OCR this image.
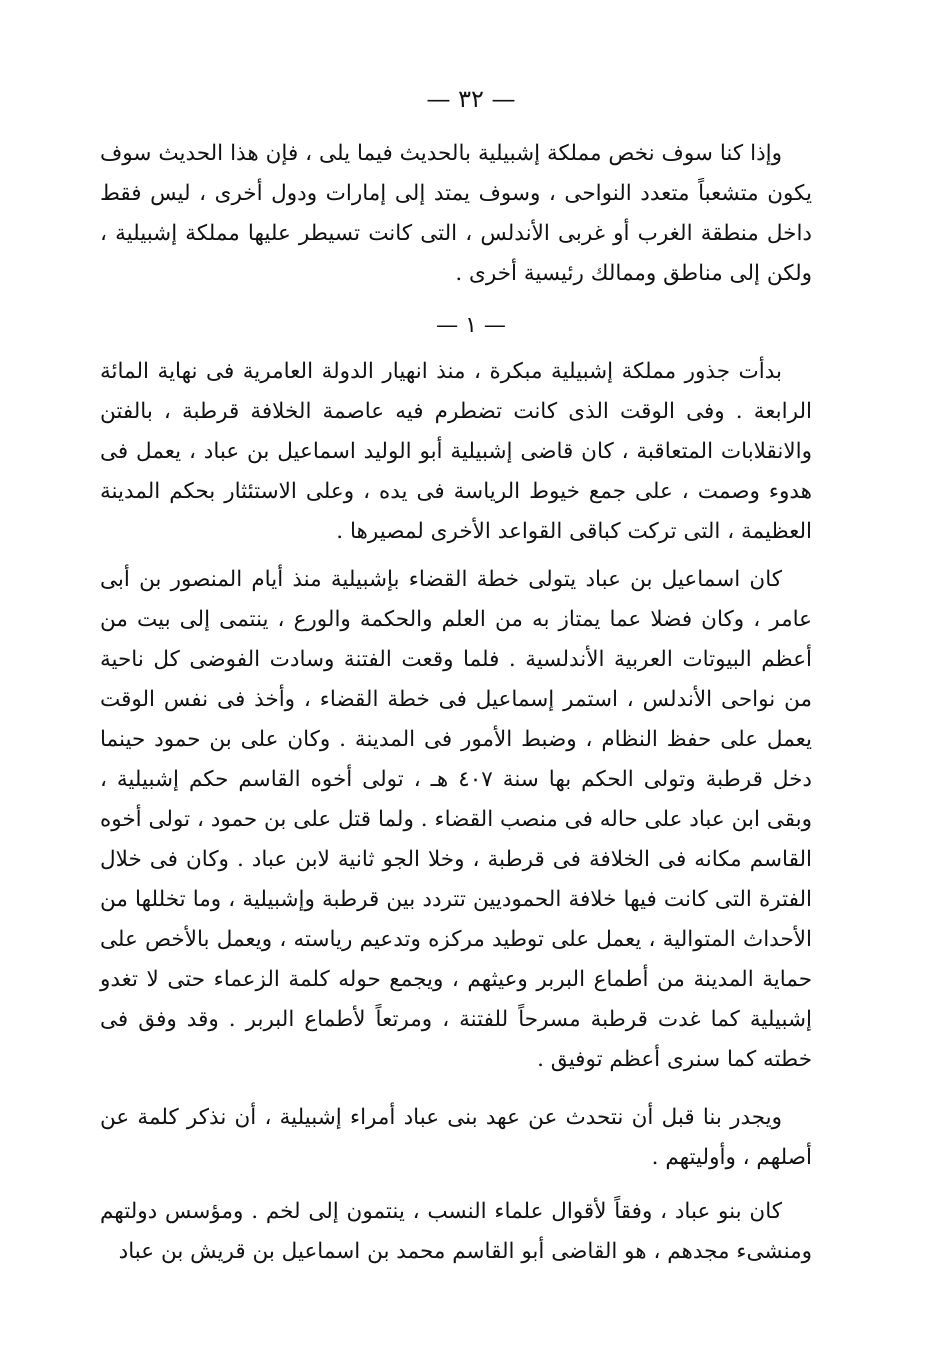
— ٣٢ —

وإذا كنا سوف نخص مملكة إشبيلية بالحديث فيما يلى ، فإن هذا الحديث سوف يكون متشعباً متعدد النواحى ، وسوف يمتد إلى إمارات ودول أخرى ، ليس فقط داخل منطقة الغرب أو غربى الأندلس ، التى كانت تسيطر عليها مملكة إشبيلية ، ولكن إلى مناطق وممالك رئيسية أخرى .

— ١ —

بدأت جذور مملكة إشبيلية مبكرة ، منذ انهيار الدولة العامرية فى نهاية المائة الرابعة . وفى الوقت الذى كانت تضطرم فيه عاصمة الخلافة قرطبة ، بالفتن والانقلابات المتعاقبة ، كان قاضى إشبيلية أبو الوليد اسماعيل بن عباد ، يعمل فى هدوء وصمت ، على جمع خيوط الرياسة فى يده ، وعلى الاستئثار بحكم المدينة العظيمة ، التى تركت كباقى القواعد الأخرى لمصيرها .

كان اسماعيل بن عباد يتولى خطة القضاء بإشبيلية منذ أيام المنصور بن أبى عامر ، وكان فضلا عما يمتاز به من العلم والحكمة والورع ، ينتمى إلى بيت من أعظم البيوتات العربية الأندلسية . فلما وقعت الفتنة وسادت الفوضى كل ناحية من نواحى الأندلس ، استمر إسماعيل فى خطة القضاء ، وأخذ فى نفس الوقت يعمل على حفظ النظام ، وضبط الأمور فى المدينة . وكان على بن حمود حينما دخل قرطبة وتولى الحكم بها سنة ٤٠٧ هـ ، تولى أخوه القاسم حكم إشبيلية ، وبقى ابن عباد على حاله فى منصب القضاء . ولما قتل على بن حمود ، تولى أخوه القاسم مكانه فى الخلافة فى قرطبة ، وخلا الجو ثانية لابن عباد . وكان فى خلال الفترة التى كانت فيها خلافة الحموديين تتردد بين قرطبة وإشبيلية ، وما تخللها من الأحداث المتوالية ، يعمل على توطيد مركزه وتدعيم رياسته ، ويعمل بالأخص على حماية المدينة من أطماع البربر وعيثهم ، ويجمع حوله كلمة الزعماء حتى لا تغدو إشبيلية كما غدت قرطبة مسرحاً للفتنة ، ومرتعاً لأطماع البربر . وقد وفق فى خطته كما سنرى أعظم توفيق .

ويجدر بنا قبل أن نتحدث عن عهد بنى عباد أمراء إشبيلية ، أن نذكر كلمة عن أصلهم ، وأوليتهم .

كان بنو عباد ، وفقاً لأقوال علماء النسب ، ينتمون إلى لخم . ومؤسس دولتهم ومنشىء مجدهم ، هو القاضى أبو القاسم محمد بن اسماعيل بن قريش بن عباد
